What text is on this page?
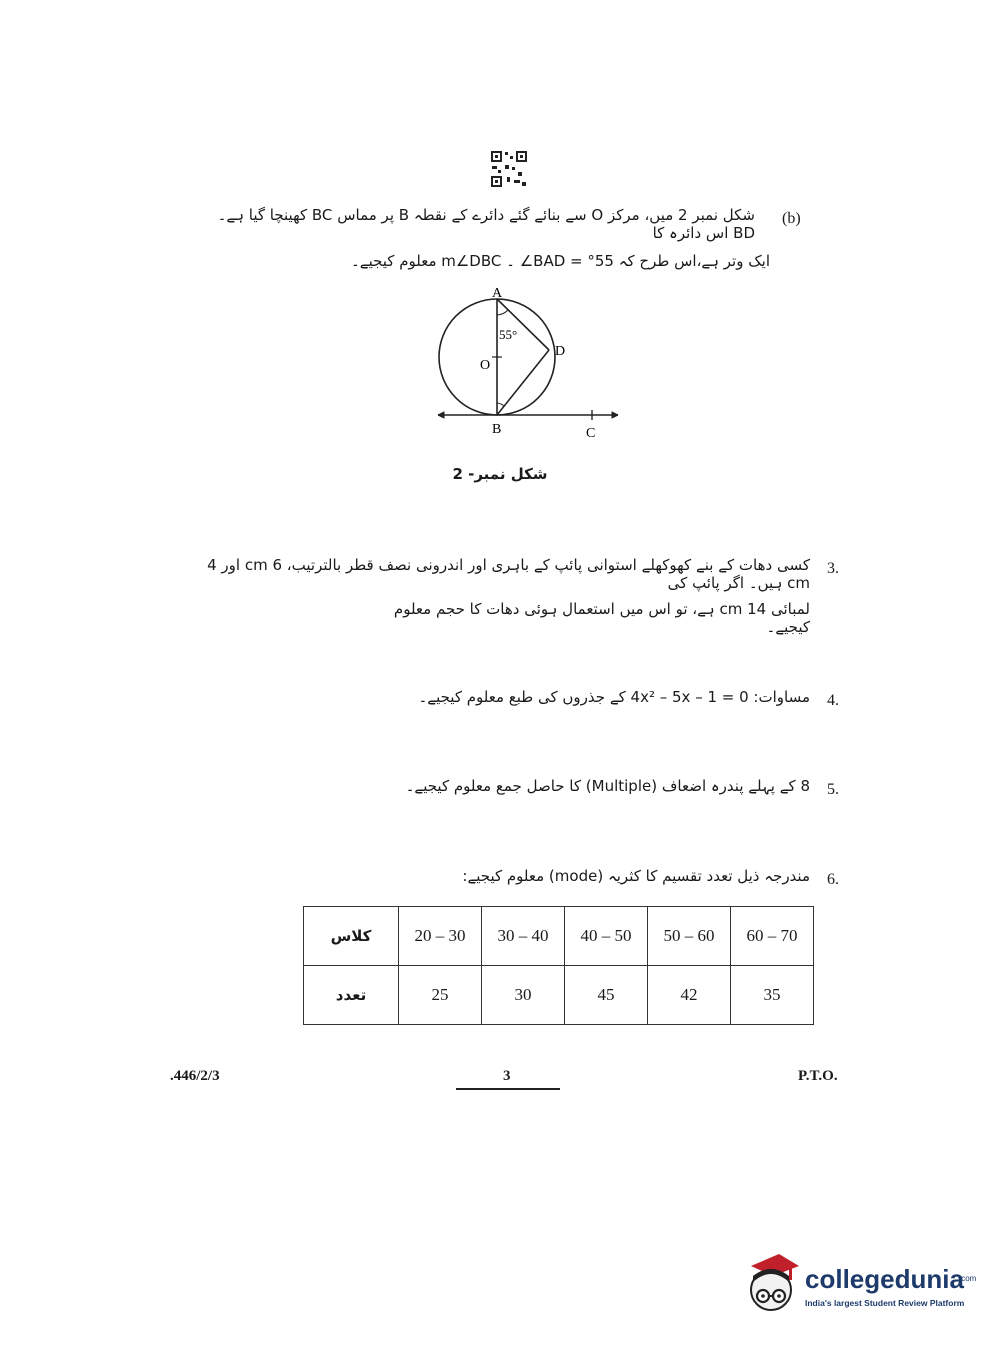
شکل نمبر 2 میں، مرکز O سے بنائے گئے دائرے کے نقطہ B پر مماس BC کھینچا گیا ہے۔ BD اس دائرہ کا
(b)
ایک وتر ہے،اس طرح کہ 55° = BAD∠ ۔ m∠DBC معلوم کیجیے۔
A
B	C
D
O
55°
شکل نمبر- 2
کسی دھات کے بنے کھوکھلے استوانی پائپ کے باہری اور اندرونی نصف قطر بالترتیب، 6 cm اور 4 cm ہیں۔ اگر پائپ کی
3.
لمبائی 14 cm ہے، تو اس میں استعمال ہوئی دھات کا حجم معلوم کیجیے۔
مساوات: 4x² – 5x – 1 = 0 کے جذروں کی طبع معلوم کیجیے۔ 4.
8 کے پہلے پندرہ اضعاف (Multiple) کا حاصل جمع معلوم کیجیے۔ 5.
مندرجہ ذیل تعدد تقسیم کا کثریہ (mode) معلوم کیجیے: 6.
کلاس	20 – 30	30 – 40	40 – 50	50 – 60	60 – 70
تعدد	25	30	45	42	35
.446/2/3	3	P.T.O.
collegedunia
.com
India's largest Student Review Platform
